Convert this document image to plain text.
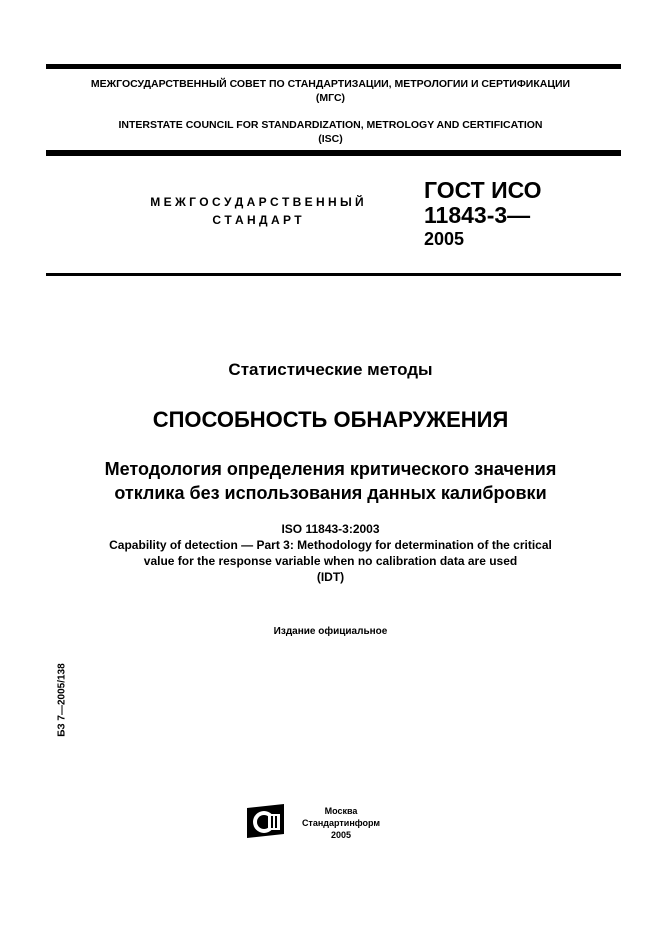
МЕЖГОСУДАРСТВЕННЫЙ СОВЕТ ПО СТАНДАРТИЗАЦИИ, МЕТРОЛОГИИ И СЕРТИФИКАЦИИ
(МГС)
INTERSTATE COUNCIL FOR STANDARDIZATION, METROLOGY AND CERTIFICATION
(ISC)
М Е Ж Г О С У Д А Р С Т В Е Н Н Ы Й
С Т А Н Д А Р Т
ГОСТ ИСО
11843-3—
2005
Статистические методы
СПОСОБНОСТЬ ОБНАРУЖЕНИЯ
Методология определения критического значения
отклика без использования данных калибровки
ISO 11843-3:2003
Capability of detection — Part 3: Methodology for determination of the critical
value for the response variable when no calibration data are used
(IDT)
Издание официальное
БЗ 7—2005/138
Москва
Стандартинформ
2005
